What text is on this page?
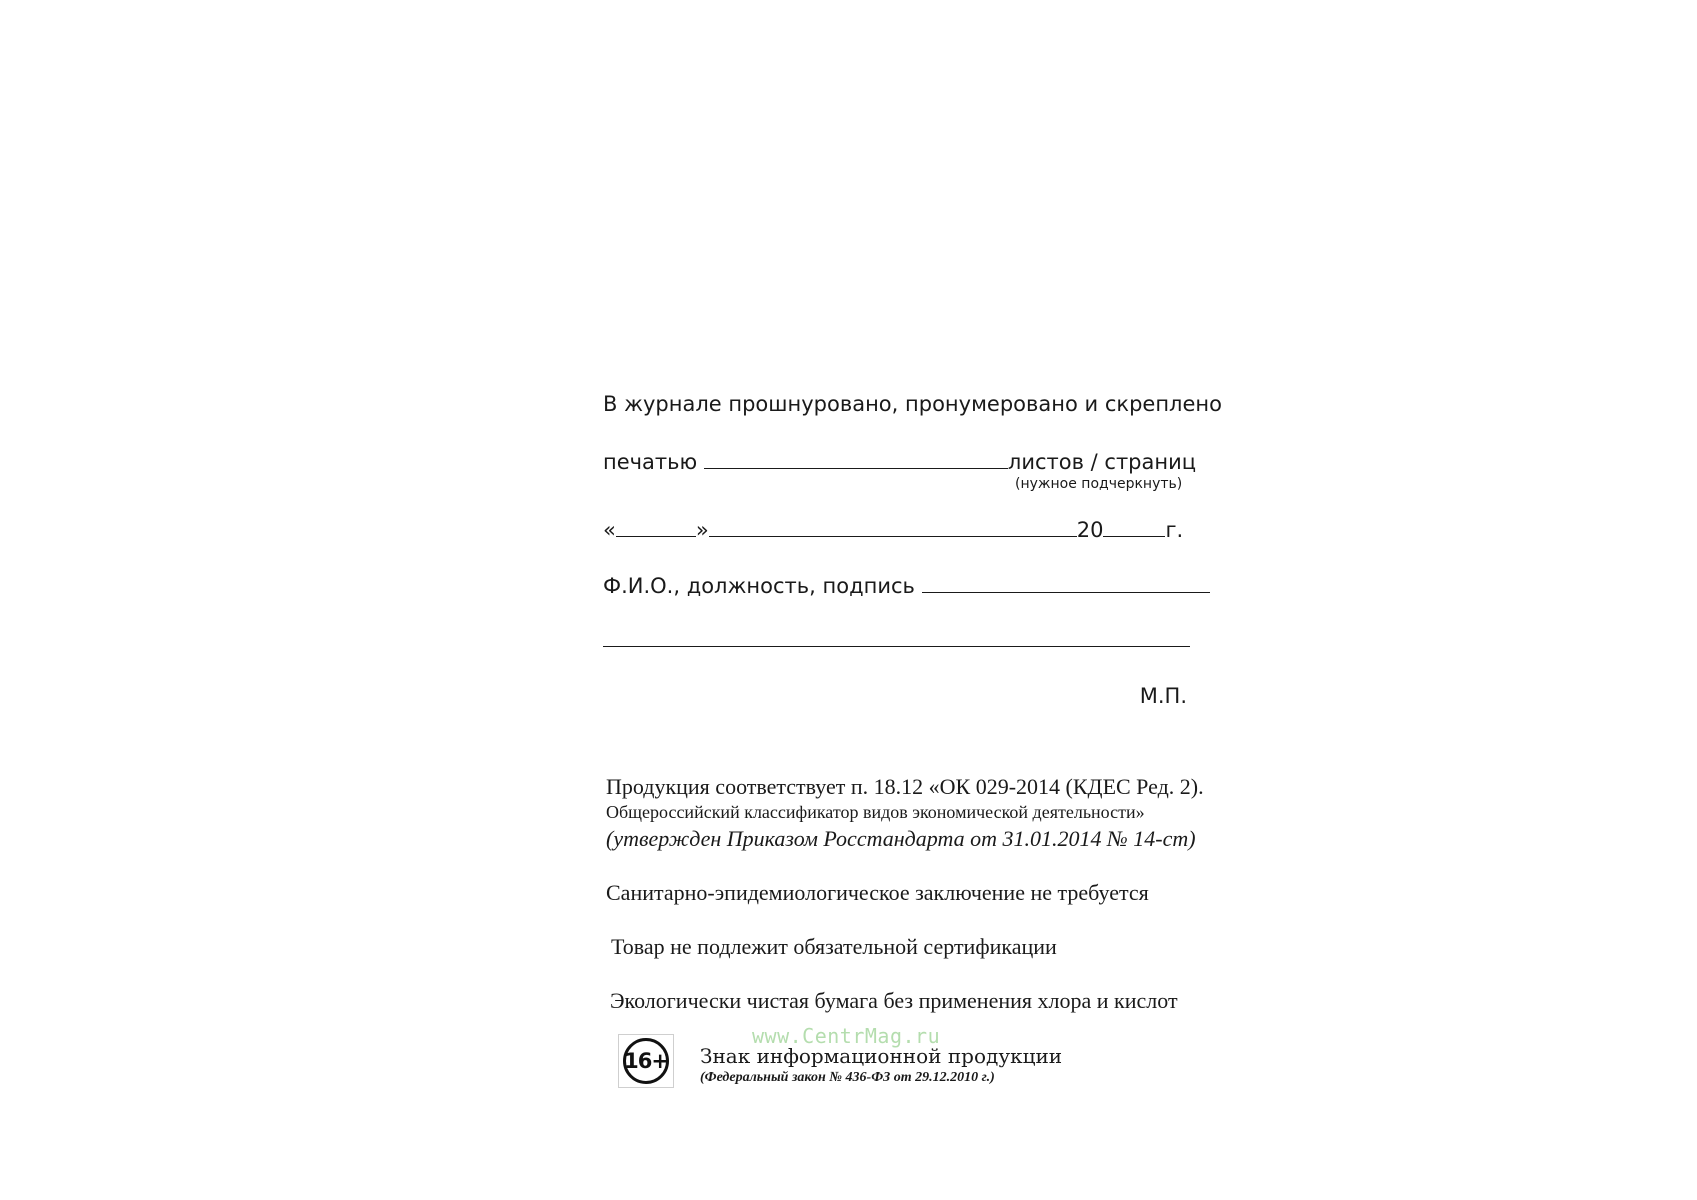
В журнале прошнуровано, пронумеровано и скреплено
печатью	листов / страниц
(нужное подчеркнуть)
«	»	20	г.
Ф.И.О., должность, подпись
М.П.
Продукция соответствует п. 18.12 «ОК 029-2014 (КДЕС Ред. 2).
Общероссийский классификатор видов экономической деятельности»
(утвержден Приказом Росстандарта от 31.01.2014 № 14-ст)
Санитарно-эпидемиологическое заключение не требуется
Товар не подлежит обязательной сертификации
Экологически чистая бумага без применения хлора и кислот
www.CentrMag.ru
16+ Знак информационной продукции
(Федеральный закон № 436-ФЗ от 29.12.2010 г.)
